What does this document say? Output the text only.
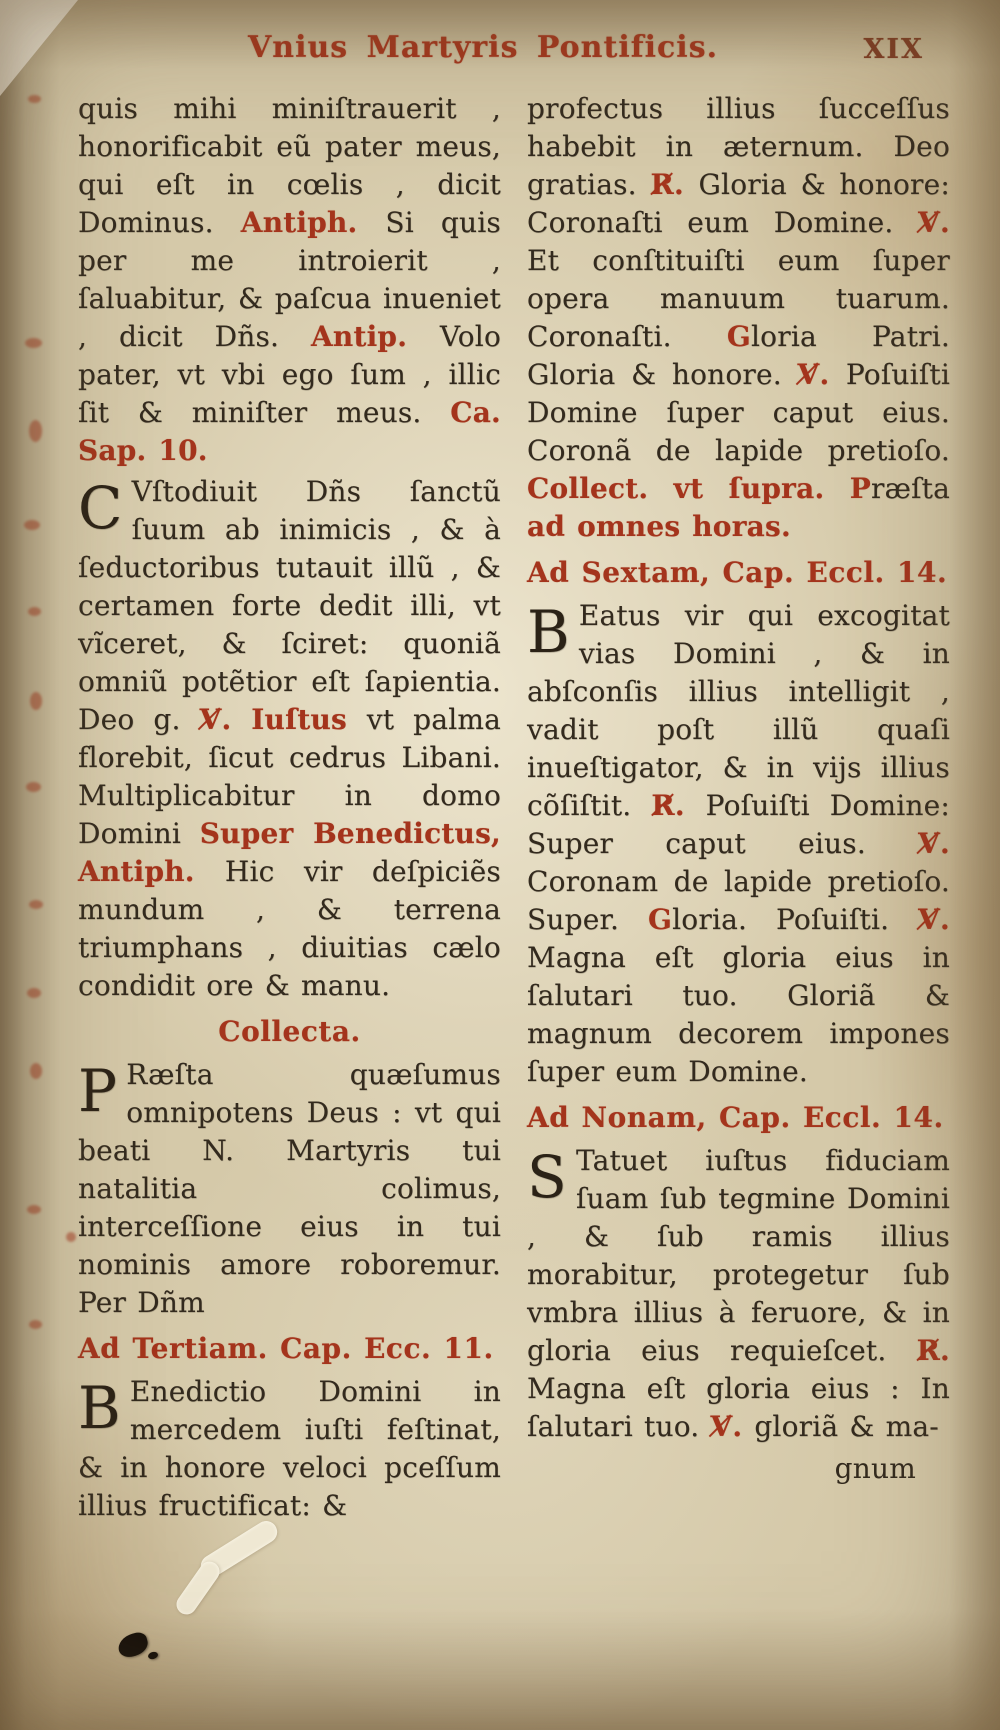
Vnius Martyris Pontificis.	XIX

quis mihi miniſtrauerit , honorificabit eũ pater meus, qui eſt in cœlis , dicit Dominus. Antiph. Si quis per me introierit , ſaluabitur, & paſcua inueniet , dicit Dñs. Antip. Volo pater, vt vbi ego ſum , illic ſit & miniſter meus. Ca. Sap. 10.

C Vſtodiuit Dñs ſanctũ ſuum ab inimicis , & à ſeductoribus tutauit illũ , & certamen forte dedit illi, vt vĩceret, & ſciret: quoniã omniũ potẽtior eſt ſapientia. Deo g. V̸. Iuſtus vt palma florebit, ſicut cedrus Libani. Multiplicabitur in domo Domini Super Benedictus, Antiph. Hic vir deſpiciẽs mundum , & terrena triumphans , diuitias cælo condidit ore & manu.

Collecta.

P Ræſta quæſumus omnipotens Deus : vt qui beati N. Martyris tui natalitia colimus, interceſſione eius in tui nominis amore roboremur. Per Dñm

Ad Tertiam. Cap. Ecc. 11.

B Enedictio Domini in mercedem iuſti feſtinat, & in honore veloci pceſſum illius fructificat: &

profectus illius ſucceſſus habebit in æternum. Deo gratias. R̸. Gloria & honore: Coronaſti eum Domine. V̸. Et conſtituiſti eum ſuper opera manuum tuarum. Coronaſti. Gloria Patri. Gloria & honore. V̸. Poſuiſti Domine ſuper caput eius. Coronã de lapide pretioſo. Collect. vt ſupra. Præſta ad omnes horas.

Ad Sextam, Cap. Eccl. 14.

B Eatus vir qui excogitat vias Domini , & in abſconſis illius intelligit , vadit poſt illũ quaſi inueſtigator, & in vijs illius cõſiſtit. R̸. Poſuiſti Domine: Super caput eius. V̸. Coronam de lapide pretioſo. Super. Gloria. Poſuiſti. V̸. Magna eſt gloria eius in ſalutari tuo. Gloriã & magnum decorem impones ſuper eum Domine.

Ad Nonam, Cap. Eccl. 14.

S Tatuet iuſtus fiduciam ſuam ſub tegmine Domini , & ſub ramis illius morabitur, protegetur ſub vmbra illius à feruore, & in gloria eius requieſcet. R̸. Magna eſt gloria eius : In ſalutari tuo. V̸. gloriã & ma-

gnum
